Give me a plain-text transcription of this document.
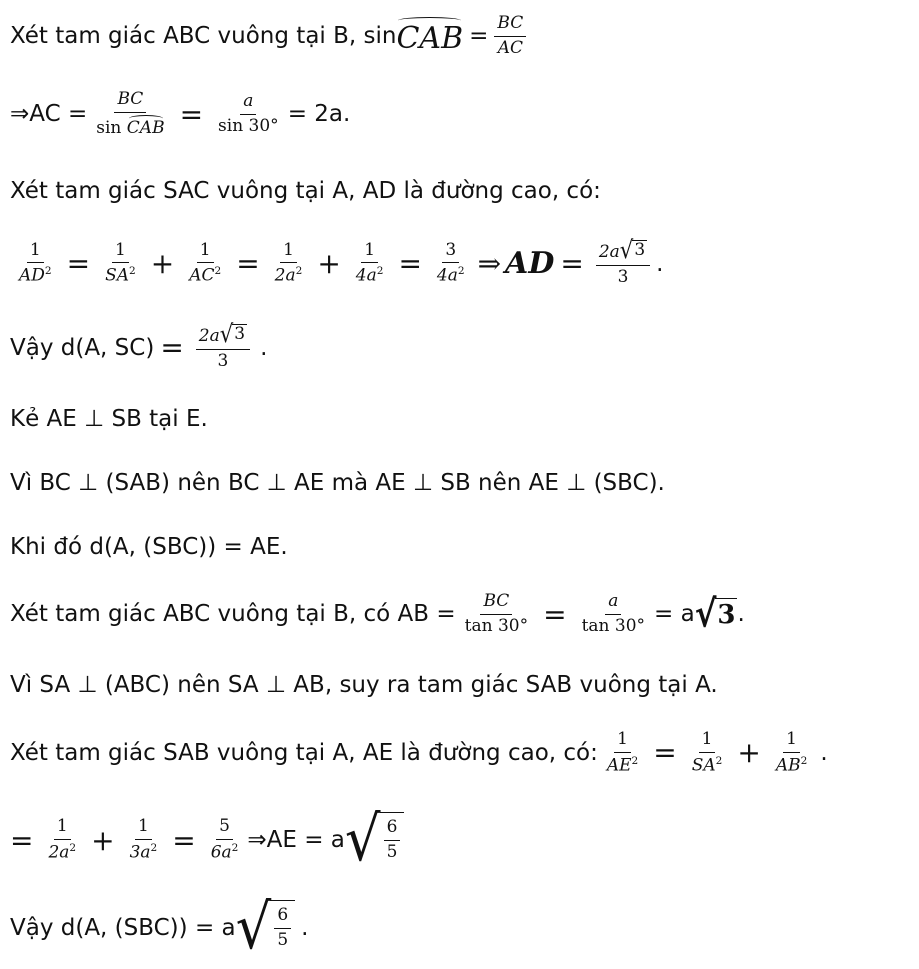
Xét tam giác ABC vuông tại B, sin CAB = $\frac{BC}{AC}$
⇒AC = $\frac{BC}{\text{sin CAB}} = \frac{a}{\sin 30^\circ} = 2a$.
Xét tam giác SAC vuông tại A, AD là đường cao, có:
$\frac{1}{AD^2} = \frac{1}{SA^2} + \frac{1}{AC^2} = \frac{1}{2a^2} + \frac{1}{4a^2} = \frac{3}{4a^2}$ ⇒ AD = $\frac{2a √ 3}{3}$ .
Vậy d(A, $SC) = \frac{2a √ 3}{3}$ .
Kẻ AE ⊥ SB tại E.
Vì BC ⊥ (SAB) nên BC ⊥ AE mà AE ⊥ SB nên AE ⊥ (SBC).
Khi đó d(A, (SBC)) = AE.
Xét tam giác ABC vuông tại B, có AB = $\frac{BC}{\tan 30^\circ} = \frac{a}{\tan 30^\circ} = a$ √ 3 .
Vì SA ⊥ (ABC) nên SA ⊥ AB, suy ra tam giác SAB vuông tại A.
Xét tam giác SAB vuông tại A, AE là đường cao, có: $\frac{1}{AE^2} = \frac{1}{SA^2} + \frac{1}{AB^2}$ .
= $\frac{1}{2a^2} + \frac{1}{3a^2} = \frac{5}{6a^2}$ ⇒AE = a √ $\frac{6}{5}$
Vậy d(A, (SBC)) = a √ $\frac{6}{5}$ .
